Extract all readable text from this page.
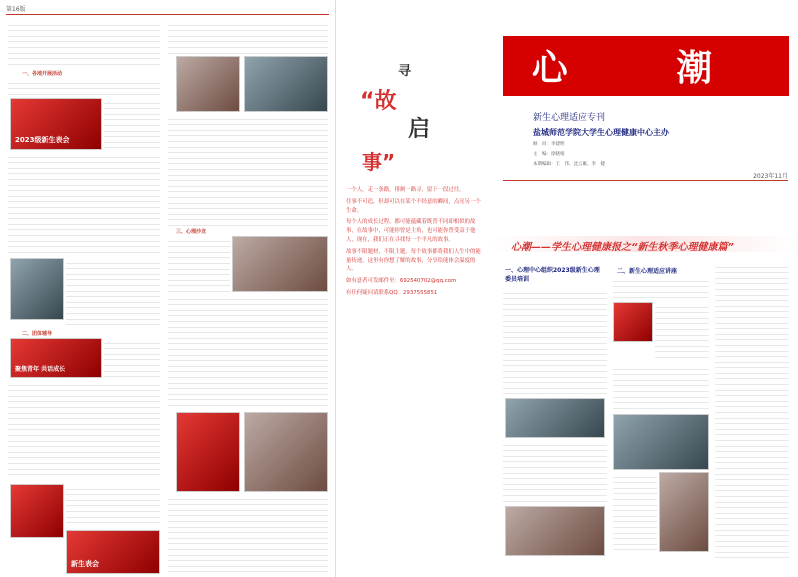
第16版
一、各地开展活动
2023级新生表会
二、团体辅导
聚焦青年 共话成长
新生表会
三、心理沙龙
寻
“故
启
事”

一个人，走一条路，徘徊一路寻，留下一段过往。

往事不可追，但却可以在某个不经意的瞬间，点亮另一个生命。

每个人的成长过程，都可能蕴藏着既普不同却相似的故事，在故事中，可能你曾是主角，也可能你曾受益于他人，现在，我们正在寻找每一个平凡的故事。

故事不限题材，不限主题，每个故事都将我们人生中的能量传递，这里有你想了解的故事，分享给能体会温度的人。

如有意者可发邮件至：692540702@qq.com

有任何疑问请联系QQ：2937555851

心 潮
新生心理适应专刊
盐城师范学院大学生心理健康中心主办
顾　问：李建明
主　编：徐晓娟
本期编辑：王　伟、沈云雁、李　婕
2023年11月
心潮——学生心理健康报之“新生秋季心理健康篇”
一、心理中心组织2023级新生心理委员培训
二、新生心理适应讲座
